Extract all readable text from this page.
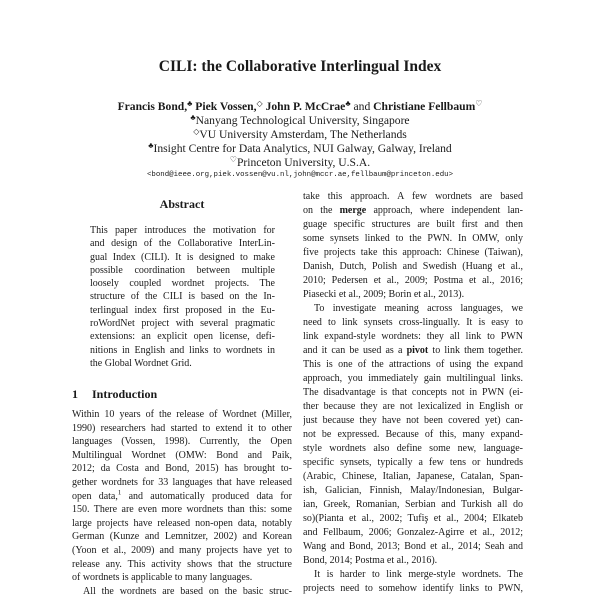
CILI: the Collaborative Interlingual Index
Francis Bond,♣ Piek Vossen,◇ John P. McCrae♣ and Christiane Fellbaum♡
♣Nanyang Technological University, Singapore
◇VU University Amsterdam, The Netherlands
♣Insight Centre for Data Analytics, NUI Galway, Galway, Ireland
♡Princeton University, U.S.A.
<bond@ieee.org,piek.vossen@vu.nl,john@mccr.ae,fellbaum@princeton.edu>
Abstract
This paper introduces the motivation for
and design of the Collaborative InterLin-
gual Index (CILI). It is designed to make
possible coordination between multiple
loosely coupled wordnet projects. The
structure of the CILI is based on the In-
terlingual index first proposed in the Eu-
roWordNet project with several pragmatic
extensions: an explicit open license, defi-
nitions in English and links to wordnets in
the Global Wordnet Grid.
1 Introduction
Within 10 years of the release of Wordnet (Miller,
1990) researchers had started to extend it to other
languages (Vossen, 1998). Currently, the Open
Multilingual Wordnet (OMW: Bond and Paik,
2012; da Costa and Bond, 2015) has brought to-
gether wordnets for 33 languages that have released
open data,$^1$ and automatically produced data for
150. There are even more wordnets than this: some
large projects have released non-open data, notably
German (Kunze and Lemnitzer, 2002) and Korean
(Yoon et al., 2009) and many projects have yet to
release any. This activity shows that the structure
of wordnets is applicable to many languages.
All the wordnets are based on the basic struc-
take this approach. A few wordnets are based
on the merge approach, where independent lan-
guage specific structures are built first and then
some synsets linked to the PWN. In OMW, only
five projects take this approach: Chinese (Taiwan),
Danish, Dutch, Polish and Swedish (Huang et al.,
2010; Pedersen et al., 2009; Postma et al., 2016;
Piasecki et al., 2009; Borin et al., 2013).
To investigate meaning across languages, we
need to link synsets cross-lingually. It is easy to
link expand-style wordnets: they all link to PWN
and it can be used as a pivot to link them together.
This is one of the attractions of using the expand
approach, you immediately gain multilingual links.
The disadvantage is that concepts not in PWN (ei-
ther because they are not lexicalized in English or
just because they have not been covered yet) can-
not be expressed. Because of this, many expand-
style wordnets also define some new, language-
specific synsets, typically a few tens or hundreds
(Arabic, Chinese, Italian, Japanese, Catalan, Span-
ish, Galician, Finnish, Malay/Indonesian, Bulgar-
ian, Greek, Romanian, Serbian and Turkish all do
so)(Pianta et al., 2002; Tufiş et al., 2004; Elkateb
and Fellbaum, 2006; Gonzalez-Agirre et al., 2012;
Wang and Bond, 2013; Bond et al., 2014; Seah and
Bond, 2014; Postma et al., 2016).
It is harder to link merge-style wordnets. The
projects need to somehow identify links to PWN,
